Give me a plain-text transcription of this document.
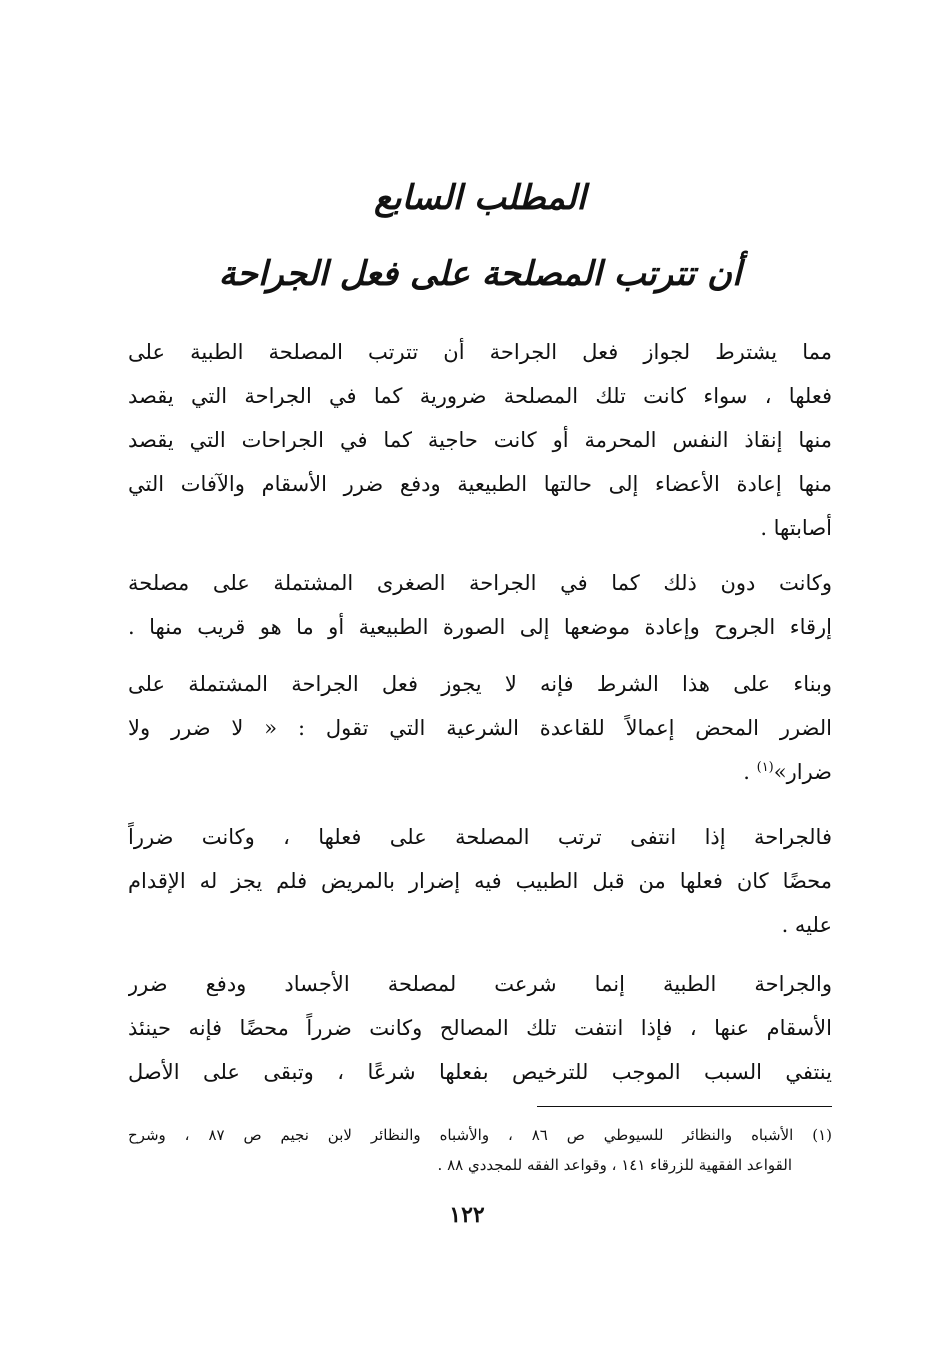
المطلب السابع
أن تترتب المصلحة على فعل الجراحة
مما يشترط لجواز فعل الجراحة أن تترتب المصلحة الطبية على
فعلها ، سواء كانت تلك المصلحة ضرورية كما في الجراحة التي يقصد
منها إنقاذ النفس المحرمة أو كانت حاجية كما في الجراحات التي يقصد
منها إعادة الأعضاء إلى حالتها الطبيعية ودفع ضرر الأسقام والآفات التي
أصابتها .
وكانت دون ذلك كما في الجراحة الصغرى المشتملة على مصلحة
إرقاء الجروح وإعادة موضعها إلى الصورة الطبيعية أو ما هو قريب منها .
وبناء على هذا الشرط فإنه لا يجوز فعل الجراحة المشتملة على
الضرر المحض إعمالاً للقاعدة الشرعية التي تقول : « لا ضرر ولا
ضرار»$^{(١)}$ .
فالجراحة إذا انتفى ترتب المصلحة على فعلها ، وكانت ضرراً
محضًا كان فعلها من قبل الطبيب فيه إضرار بالمريض فلم يجز له الإقدام
عليه .
والجراحة الطبية إنما شرعت لمصلحة الأجساد ودفع ضرر
الأسقام عنها ، فإذا انتفت تلك المصالح وكانت ضرراً محضًا فإنه حينئذ
ينتفي السبب الموجب للترخيص بفعلها شرعًا ، وتبقى على الأصل
(١) الأشباه والنظائر للسيوطي ص ٨٦ ، والأشباه والنظائر لابن نجيم ص ٨٧ ، وشرح
القواعد الفقهية للزرقاء ١٤١ ، وقواعد الفقه للمجددي ٨٨ .
١٢٢
